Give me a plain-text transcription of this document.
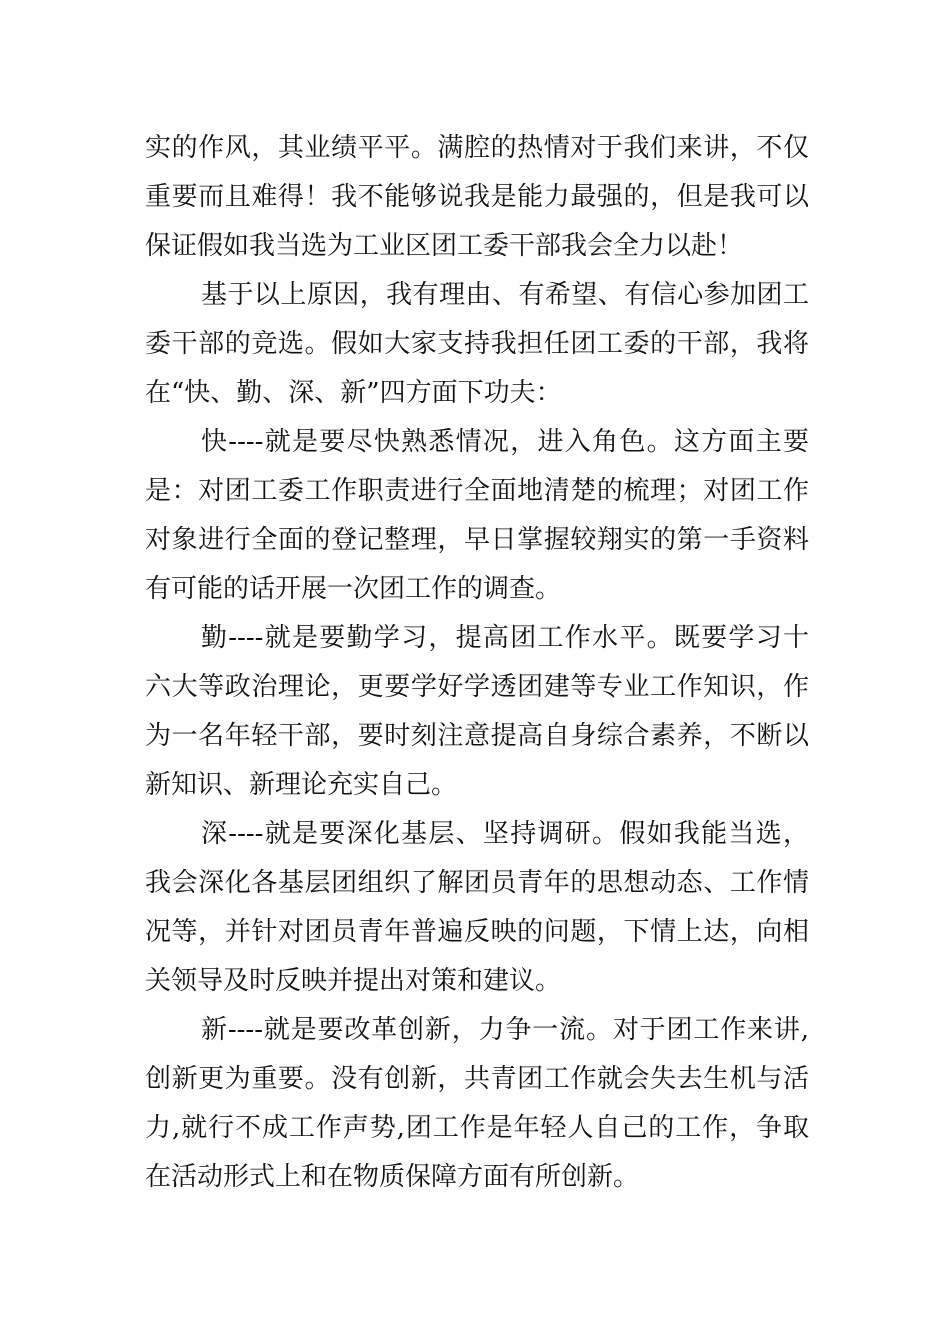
实的作风，其业绩平平。满腔的热情对于我们来讲，不仅
重要而且难得！我不能够说我是能力最强的，但是我可以
保证假如我当选为工业区团工委干部我会全力以赴！
基于以上原因，我有理由、有希望、有信心参加团工
委干部的竞选。假如大家支持我担任团工委的干部，我将
在“快、勤、深、新”四方面下功夫：
快----就是要尽快熟悉情况，进入角色。这方面主要
是：对团工委工作职责进行全面地清楚的梳理；对团工作
对象进行全面的登记整理，早日掌握较翔实的第一手资料
有可能的话开展一次团工作的调查。
勤----就是要勤学习，提高团工作水平。既要学习十
六大等政治理论，更要学好学透团建等专业工作知识，作
为一名年轻干部，要时刻注意提高自身综合素养，不断以
新知识、新理论充实自己。
深----就是要深化基层、坚持调研。假如我能当选，
我会深化各基层团组织了解团员青年的思想动态、工作情
况等，并针对团员青年普遍反映的问题，下情上达，向相
关领导及时反映并提出对策和建议。
新----就是要改革创新，力争一流。对于团工作来讲,
创新更为重要。没有创新，共青团工作就会失去生机与活
力,就行不成工作声势,团工作是年轻人自己的工作，争取
在活动形式上和在物质保障方面有所创新。
